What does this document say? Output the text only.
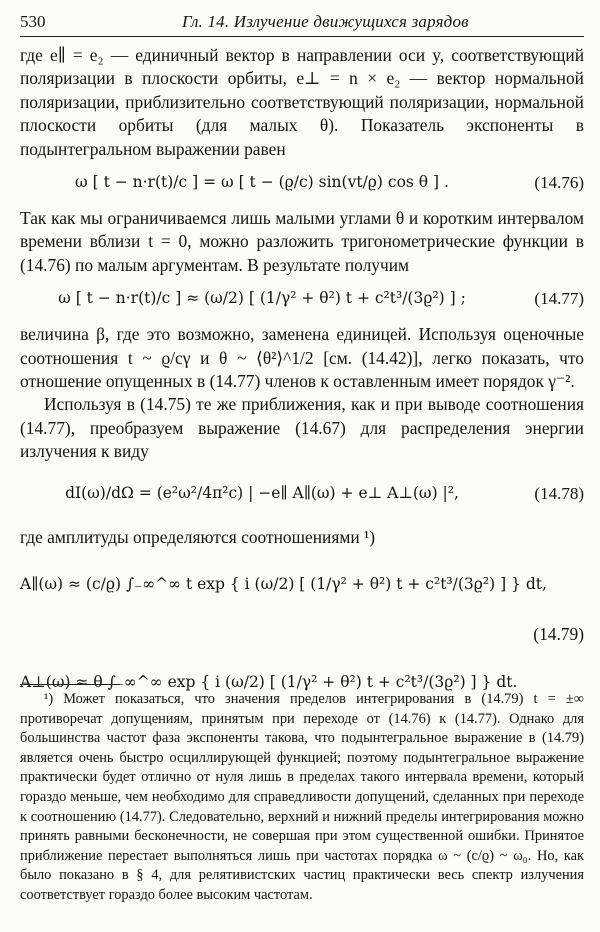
530	Гл. 14. Излучение движущихся зарядов

где e∥ = e₂ — единичный вектор в направлении оси y, соответствующий поляризации в плоскости орбиты, e⊥ = n × e₂ — вектор нормальной поляризации, приблизительно соответствующий поляризации, нормальной плоскости орбиты (для малых θ). Показатель экспоненты в подынтегральном выражении равен

ω [ t − n·r(t)/c ] = ω [ t − (ϱ/c) sin(vt/ϱ) cos θ ] .	(14.76)

Так как мы ограничиваемся лишь малыми углами θ и коротким интервалом времени вблизи t = 0, можно разложить тригонометрические функции в (14.76) по малым аргументам. В результате получим

ω [ t − n·r(t)/c ] ≈ (ω/2) [ (1/γ² + θ²) t + c²t³/(3ϱ²) ] ;	(14.77)

величина β, где это возможно, заменена единицей. Используя оценочные соотношения t ~ ϱ/cγ и θ ~ ⟨θ²⟩^1/2 [см. (14.42)], легко показать, что отношение опущенных в (14.77) членов к оставленным имеет порядок γ⁻².

Используя в (14.75) те же приближения, как и при выводе соотношения (14.77), преобразуем выражение (14.67) для распределения энергии излучения к виду

dI(ω)/dΩ = (e²ω²/4π²c) | −e∥ A∥(ω) + e⊥ A⊥(ω) |²,	(14.78)

где амплитуды определяются соотношениями ¹)

A∥(ω) ≈ (c/ϱ) ∫₋∞^∞ t exp { i (ω/2) [ (1/γ² + θ²) t + c²t³/(3ϱ²) ] } dt,
(14.79)
A⊥(ω) ≈ θ ∫₋∞^∞ exp { i (ω/2) [ (1/γ² + θ²) t + c²t³/(3ϱ²) ] } dt.

¹) Может показаться, что значения пределов интегрирования в (14.79) t = ±∞ противоречат допущениям, принятым при переходе от (14.76) к (14.77). Однако для большинства частот фаза экспоненты такова, что подынтегральное выражение в (14.79) является очень быстро осциллирующей функцией; поэтому подынтегральное выражение практически будет отлично от нуля лишь в пределах такого интервала времени, который гораздо меньше, чем необходимо для справедливости допущений, сделанных при переходе к соотношению (14.77). Следовательно, верхний и нижний пределы интегрирования можно принять равными бесконечности, не совершая при этом существенной ошибки. Принятое приближение перестает выполняться лишь при частотах порядка ω ~ (c/ϱ) ~ ω₀. Но, как было показано в § 4, для релятивистских частиц практически весь спектр излучения соответствует гораздо более высоким частотам.
